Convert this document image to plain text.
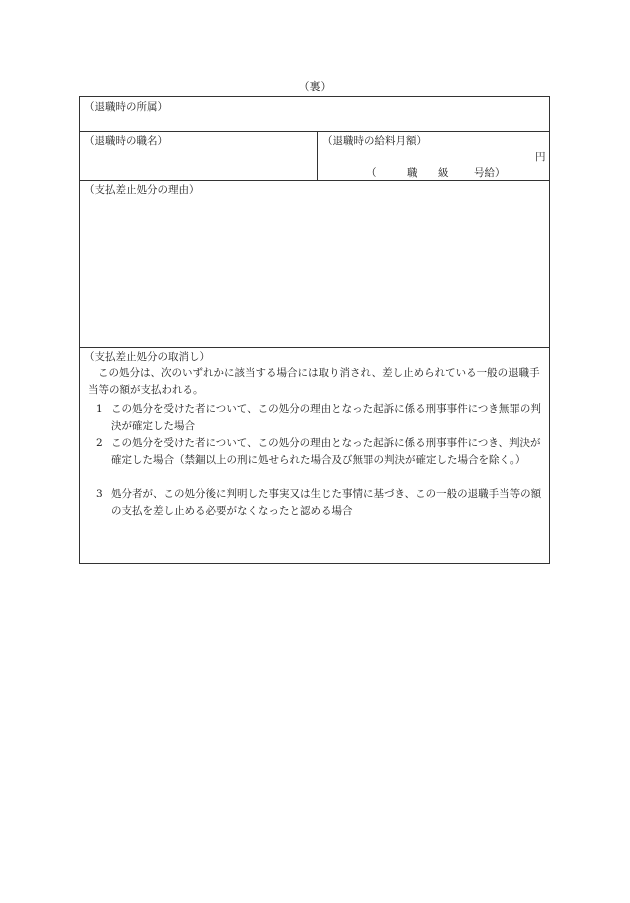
（裏）
（退職時の所属）
（退職時の職名）	（退職時の給料月額）
円
（	職 級 号給）
（支払差止処分の理由）
（支払差止処分の取消し）
この処分は、次のいずれかに該当する場合には取り消され、差し止められている一般の退職手当等の額が支払われる。
1 この処分を受けた者について、この処分の理由となった起訴に係る刑事事件につき無罪の判決が確定した場合
2 この処分を受けた者について、この処分の理由となった起訴に係る刑事事件につき、判決が確定した場合（禁錮以上の刑に処せられた場合及び無罪の判決が確定した場合を除く。）
3 処分者が、この処分後に判明した事実又は生じた事情に基づき、この一般の退職手当等の額の支払を差し止める必要がなくなったと認める場合
